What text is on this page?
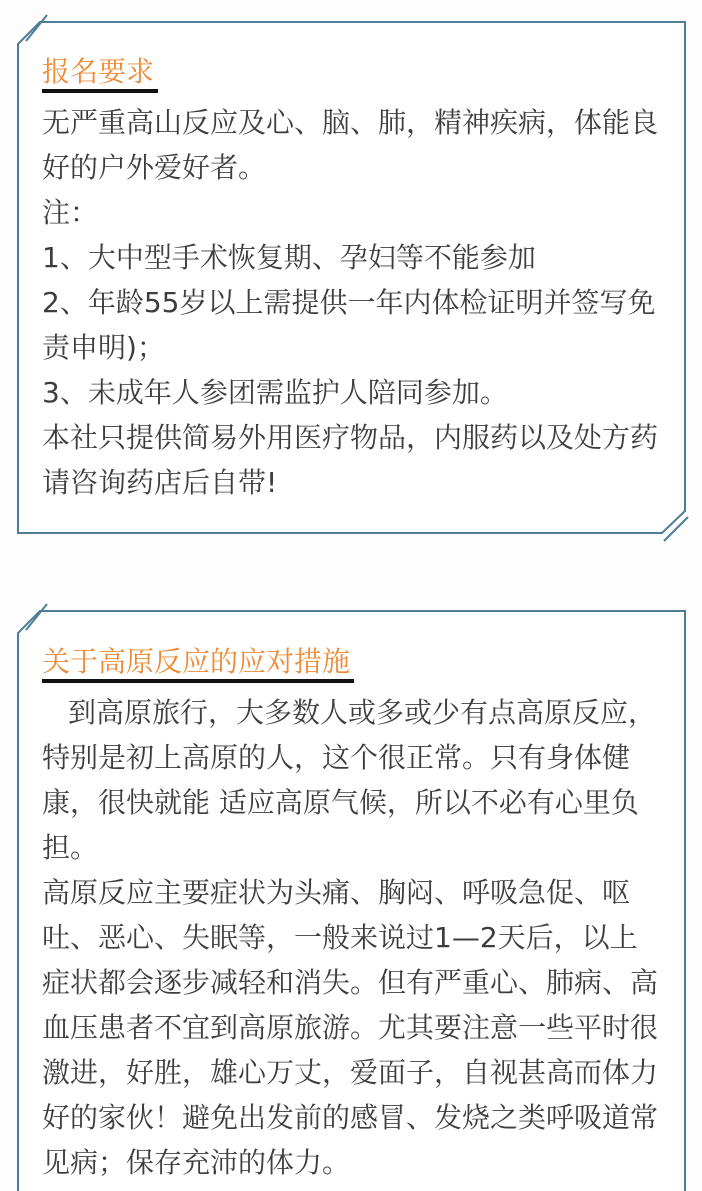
报名要求

无严重高山反应及心、脑、肺，精神疾病，体能良好的户外爱好者。

注：

1、大中型手术恢复期、孕妇等不能参加

2、年龄55岁以上需提供一年内体检证明并签写免责申明)；

3、未成年人参团需监护人陪同参加。

本社只提供简易外用医疗物品，内服药以及处方药请咨询药店后自带!

关于高原反应的应对措施

到高原旅行，大多数人或多或少有点高原反应，特别是初上高原的人，这个很正常。只有身体健康，很快就能 适应高原气候，所以不必有心里负担。

高原反应主要症状为头痛、胸闷、呼吸急促、呕吐、恶心、失眠等，一般来说过1—2天后，以上症状都会逐步减轻和消失。但有严重心、肺病、高血压患者不宜到高原旅游。尤其要注意一些平时很激进，好胜，雄心万丈，爱面子，自视甚高而体力好的家伙！避免出发前的感冒、发烧之类呼吸道常见病；保存充沛的体力。
